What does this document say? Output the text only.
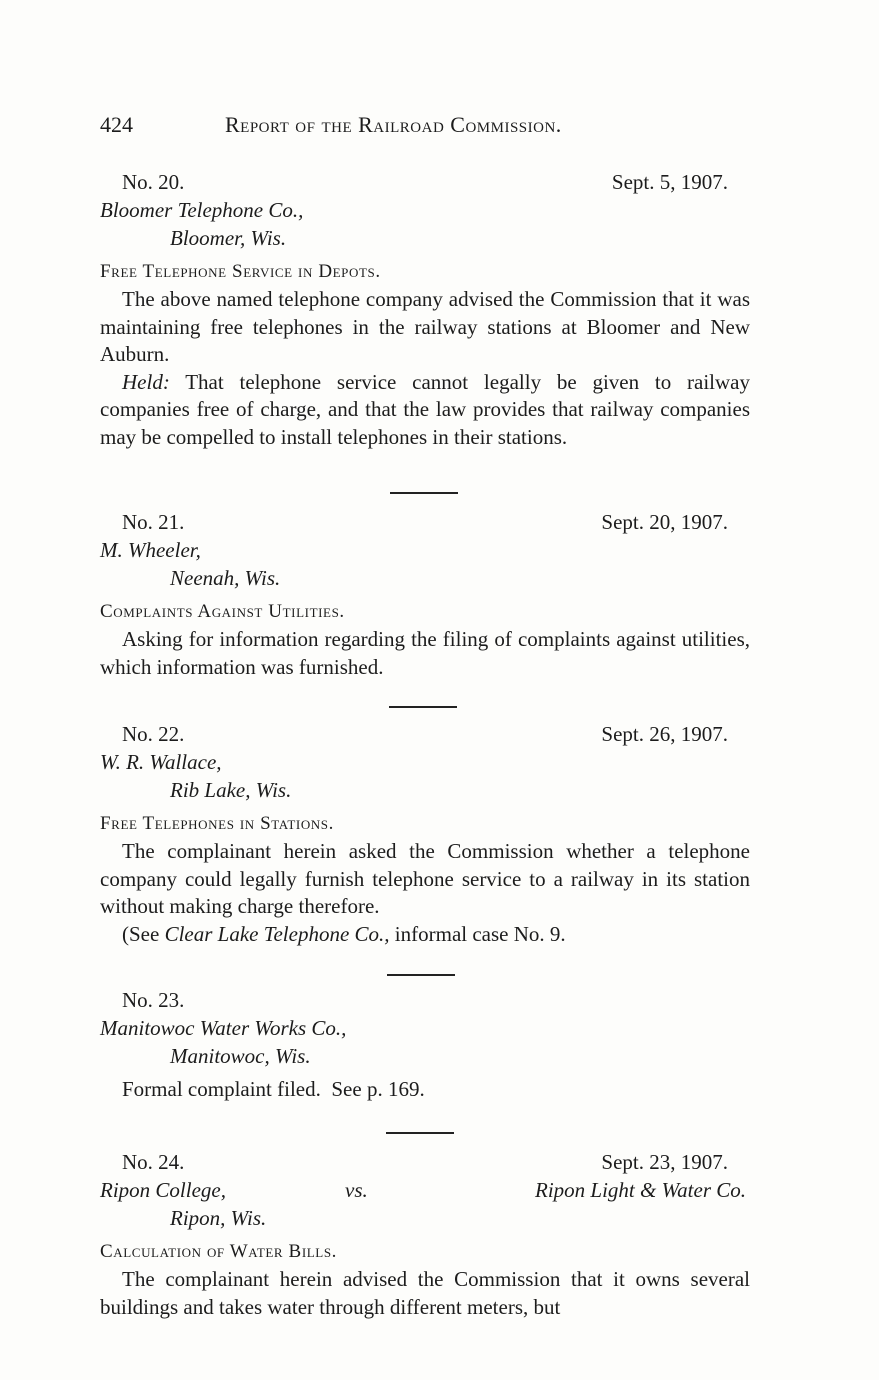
424	Report of the Railroad Commission.
No. 20.	Sept. 5, 1907.
Bloomer Telephone Co.,
Bloomer, Wis.
Free Telephone Service in Depots.

The above named telephone company advised the Commission that it was maintaining free telephones in the railway stations at Bloomer and New Auburn.

Held: That telephone service cannot legally be given to railway companies free of charge, and that the law provides that railway companies may be compelled to install telephones in their stations.

No. 21.	Sept. 20, 1907.
M. Wheeler,
Neenah, Wis.
Complaints Against Utilities.

Asking for information regarding the filing of complaints against utilities, which information was furnished.

No. 22.	Sept. 26, 1907.
W. R. Wallace,
Rib Lake, Wis.
Free Telephones in Stations.

The complainant herein asked the Commission whether a telephone company could legally furnish telephone service to a railway in its station without making charge therefore.

(See Clear Lake Telephone Co., informal case No. 9.

No. 23.
Manitowoc Water Works Co.,
Manitowoc, Wis.

Formal complaint filed.  See p. 169.

No. 24.	Sept. 23, 1907.
Ripon College,	vs.	Ripon Light & Water Co.
Ripon, Wis.
Calculation of Water Bills.

The complainant herein advised the Commission that it owns several buildings and takes water through different meters, but
